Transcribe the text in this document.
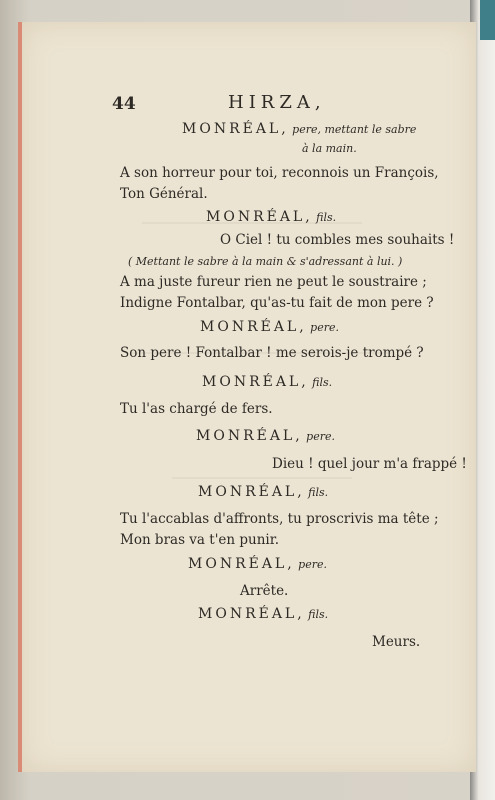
44	HIRZA,
MONRÉAL, pere, mettant le sabre
à la main.
A son horreur pour toi, reconnois un François,
Ton Général.
MONRÉAL, fils.
O Ciel ! tu combles mes souhaits !
( Mettant le sabre à la main & s'adressant à lui. )
A ma juste fureur rien ne peut le soustraire ;
Indigne Fontalbar, qu'as-tu fait de mon pere ?
MONRÉAL, pere.
Son pere ! Fontalbar ! me serois-je trompé ?
MONRÉAL, fils.
Tu l'as chargé de fers.
MONRÉAL, pere.
Dieu ! quel jour m'a frappé !
MONRÉAL, fils.
Tu l'accablas d'affronts, tu proscrivis ma tête ;
Mon bras va t'en punir.
MONRÉAL, pere.
Arrête.
MONRÉAL, fils.
Meurs.
